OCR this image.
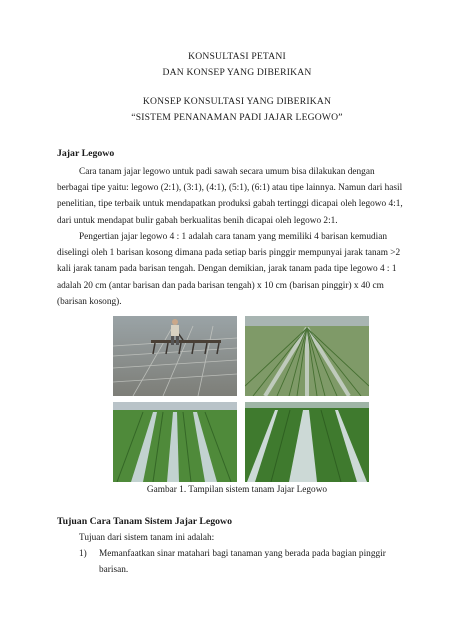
KONSULTASI PETANI
DAN KONSEP YANG DIBERIKAN
KONSEP KONSULTASI YANG DIBERIKAN
“SISTEM PENANAMAN PADI JAJAR LEGOWO”
Jajar Legowo
Cara tanam jajar legowo untuk padi sawah secara umum bisa dilakukan dengan
berbagai tipe yaitu: legowo (2:1), (3:1), (4:1), (5:1), (6:1) atau tipe lainnya. Namun dari hasil
penelitian, tipe terbaik untuk mendapatkan produksi gabah tertinggi dicapai oleh legowo 4:1,
dari untuk mendapat bulir gabah berkualitas benih dicapai oleh legowo 2:1.
Pengertian jajar legowo 4 : 1 adalah cara tanam yang memiliki 4 barisan kemudian
diselingi oleh 1 barisan kosong dimana pada setiap baris pinggir mempunyai jarak tanam >2
kali jarak tanam pada barisan tengah. Dengan demikian, jarak tanam pada tipe legowo 4 : 1
adalah 20 cm (antar barisan dan pada barisan tengah) x 10 cm (barisan pinggir) x 40 cm
(barisan kosong).
Gambar 1. Tampilan sistem tanam Jajar Legowo
Tujuan Cara Tanam Sistem Jajar Legowo
Tujuan dari sistem tanam ini adalah:
1) Memanfaatkan sinar matahari bagi tanaman yang berada pada bagian pinggir
barisan.
